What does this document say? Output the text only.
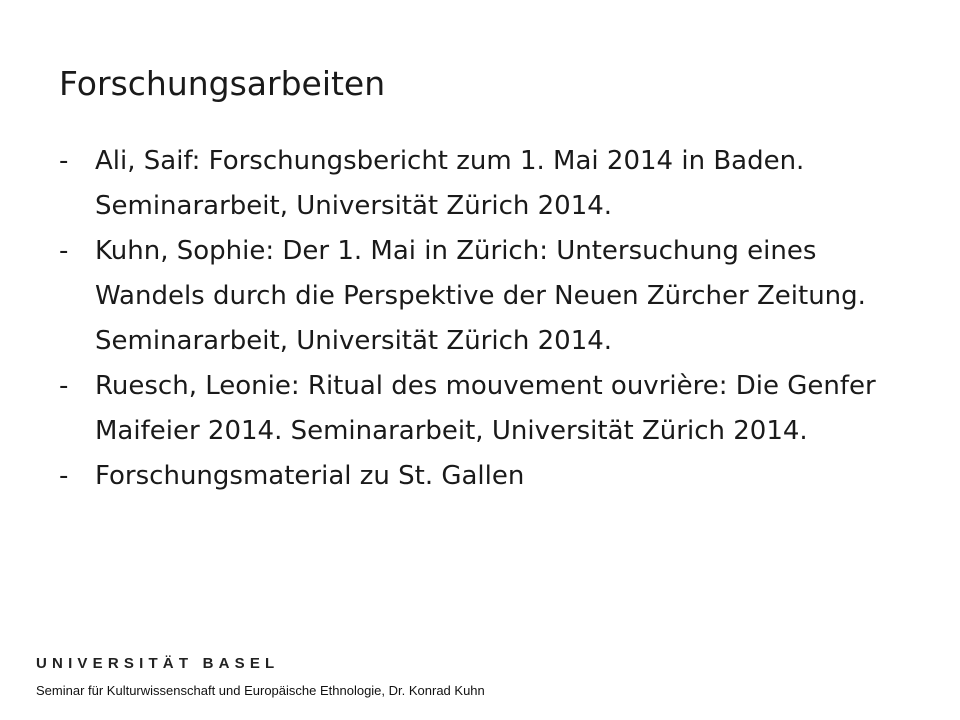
Forschungsarbeiten
-	Ali, Saif: Forschungsbericht zum 1. Mai 2014 in Baden. Seminararbeit, Universität Zürich 2014.
-	Kuhn, Sophie: Der 1. Mai in Zürich: Untersuchung eines Wandels durch die Perspektive der Neuen Zürcher Zeitung. Seminararbeit, Universität Zürich 2014.
-	Ruesch, Leonie: Ritual des mouvement ouvrière: Die Genfer Maifeier 2014. Seminararbeit, Universität Zürich 2014.
-	Forschungsmaterial zu St. Gallen
UNIVERSITÄT BASEL
Seminar für Kulturwissenschaft und Europäische Ethnologie, Dr. Konrad Kuhn
